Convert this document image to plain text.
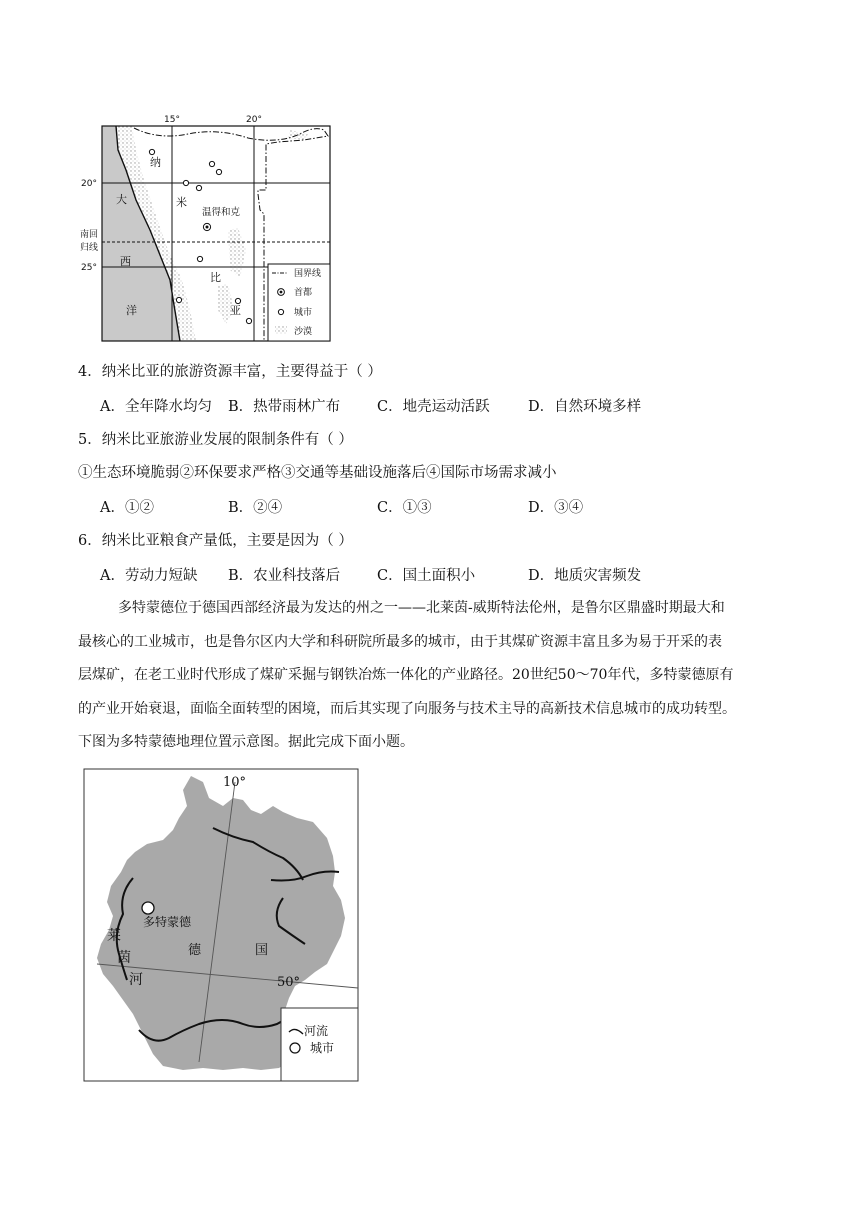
15°	20°
20°
25°
南回
归线
大
西
洋
纳
米
比
亚
温得和克
国界线
首都
城市
沙漠
4．纳米比亚的旅游资源丰富，主要得益于（ ）
A．全年降水均匀 B．热带雨林广布	C．地壳运动活跃	D．自然环境多样
5．纳米比亚旅游业发展的限制条件有（ ）
①生态环境脆弱②环保要求严格③交通等基础设施落后④国际市场需求减小
A．①②	B．②④	C．①③	D．③④
6．纳米比亚粮食产量低，主要是因为（ ）
A．劳动力短缺 B．农业科技落后	C．国土面积小	D．地质灾害频发

多特蒙德位于德国西部经济最为发达的州之一——北莱茵-威斯特法伦州，是鲁尔区鼎盛时期最大和

最核心的工业城市，也是鲁尔区内大学和科研院所最多的城市，由于其煤矿资源丰富且多为易于开采的表

层煤矿，在老工业时代形成了煤矿采掘与钢铁冶炼一体化的产业路径。20世纪50～70年代，多特蒙德原有

的产业开始衰退，面临全面转型的困境，而后其实现了向服务与技术主导的高新技术信息城市的成功转型。

下图为多特蒙德地理位置示意图。据此完成下面小题。

10°
50°
多特蒙德
德	国
莱
茵
河
河流
城市
